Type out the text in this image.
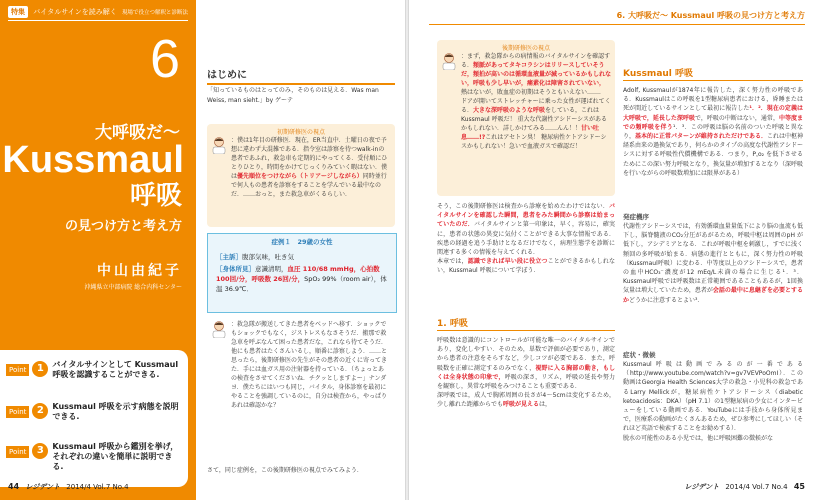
特集 バイタルサインを読み解く 現場で役立つ解釈と診断法
6
大呼吸だ〜
Kussmaul
呼吸
の見つけ方と考え方
中山由紀子
沖縄県立中部病院 総合内科センター
Point	1	バイタルサインとして Kussmaul 呼吸を認識することができる.
Point	2	Kussmaul 呼吸を示す病態を説明できる.
Point	3	Kussmaul 呼吸から鑑別を挙げ，それぞれの違いを簡単に説明できる.
はじめに
「知っているものはとってのみ，そのものは見える．Was man Weiss, man sieht.」by ゲーテ
初期研修医の視点
：僕は1年目の研修医．現在，ER当直中．土曜日の夜で予想に違わず大混雑である．指令室は診察を待つwalk-inの患者であふれ，救急車も定期的にやってくる．受付順にひとりひとり，時間をかけてじっくりみていく暇はない．僕は優先順位をつけながら（トリアージしながら）同時並行で何人もの患者を診察をすることを学んでいる最中なのだ．……おっと，また救急車がくるらしい．
症例１　29歳の女性
［主訴］腹部気味，吐き気
［身体所見］意識清明，血圧 110/68 mmHg，心拍数 100回/分，呼吸数 26回/分，SpO₂ 99%（room air），体温 36.9℃．
：救急隊が搬送してきた患者をベッドへ移す．ショックでもショックでもなく，ジストレスもなさそうだ．搬那で救急車を呼ぶなんて困った患者だな，これなら待てそうだ．他にも患者はたくさんいるし，順番に診察しよう．……と思ったら，後期研修医の先生がその患者の近くに寄ってきた．手には血ガス用の注射器を持っている．（ちょっとあの検査をさせてくださいね．チクッとしますよー」ナンダヨ．僕たちにはいつも同じ，バイタル，身体診察を最初にやることを強調しているのに，自分は検査から，やっぱりあれは確認かな？
さて，同じ症例を，この後期研修医の視点でみてみよう．
44 レジデント 2014/4 Vol.7 No.4
6. 大呼吸だ〜 Kussmaul 呼吸の見つけ方と考え方
後期研修医の視点
：まず，救急隊からの病情報のバイタルサインを確認する．頻脈があってタキコラシンはリリースしていそうだ，頻拍が高いのは循環血液量が減っているかもしれない，呼吸も少し早いが，痛素化は障害されていない，熱はないが，敗血症の初期はそうともいえない……．ドアが開いてストレッチャーに乗った女性が運ばれてくる．大きな深呼吸のような呼吸をしている，これはKussmaul 呼吸だ！ 重大な代謝性アシドーシスがあるかもしれない．詳しかけてみる……んん！！甘い吐息……!?これはアセトン臭！ 糖尿病性ケトアシドーシスかもしれない！急いで血液ガスで確認だ！
そう，この後期研修医は検査から診療を始めたわけではない．バイタルサインを確認した瞬間，患者をみた瞬間から診察は始まっていたのだ．バイタルサインと第一印象は，早く，容易に，確実に，患者の状態の異変に気付くことができる大事な情報である．疾患の経過を追う手助けとなるだけでなく，病理生態学を診断に関連する多くの情報を与えてくれる．
本章では，認識できれば早い段に役立つことができるかもしれない，Kussmaul 呼吸について学ぼう．
1. 呼吸
呼吸数は意識的にコントロールが可能な唯一のバイタルサインであり，変化しやすい．そのため，単数で評価が必要であり，測定から患者の注意をそらすなど，少しコツが必要である．また，呼吸数を正確に測定するのみでなく，視野に入る胸部の動き，もしくは全身状態の印象で，呼吸の深さ，リズム，呼吸の延長や努力を観察し，異常な呼吸をみつけることも重要である．
深呼吸では，成人で胸郭周囲の長さが4〜5cmは変化するため，少し離れた距離からでも呼吸が見えるは，
Kussmaul 呼吸
Adolf, Kussmaulが1874年に報告した，深く努力性の呼吸である．Kussmaulはこの呼吸を1型糖尿病患者における，昏睡または死が間近しているサインとして最初に報告した¹．²．現在の定義は大呼吸で，延長した深呼吸で，呼吸の中断はない，通常，中等度までの頻呼吸を伴う¹．³．この呼吸は脳の名前のついた呼吸と異なり，基本的に正常パターンが維持されただけである．これは中枢神経系由来の過換気であり，何らかのタイプの高度な代謝性アシドーシスに対する呼吸性代償機構である．つまり，P꜀o₂ を低下させるためにこの深い努力呼吸となり，換気量が増加するとなり（深呼吸を行いながらの呼吸数増加には限界がある）
発症機序
代謝性アシドーシスでは，有効循環血量量低下により脳の血流も低下し，脳脊髄液のCO₂分圧があがるため，呼吸中枢は周囲のpH が低下し，アシデミアとなる．これが呼吸中枢を刺激し，すでに浅く頻回の多呼吸が始まる．病態の進行とともに，深く努力性の呼吸（Kussmaul呼吸）に変わる．中等度以上のアシドーシスで，患者の血中HCO₃⁻濃度が12 mEq/L未満の場合に生じる¹．³．Kussmaul呼吸では呼吸数は正常範囲であることもあるが，1回換気量は増大していたため，患者が会話の最中に息継ぎを必要とするかどうかに注意するとよい³．
症状・微候
Kussmaul呼吸は動画でみるのが一番である（http://www.youtube.com/watch?v=gv7VEVPoOmI）．この動画はGeorgia Health Sciences大学の救急・小児科の救急であるLarry Mellickが，糖尿病性ケトアシドーシス（diabetic ketoacidosis：DKA）（p𝐇 7.1）の1型糖尿病の少女にインタービューをしている動画である．YouTubeには手技から身体所見まで，医療系の動画がたくさんあるため，ぜひ参考にしてほしい（それほど英語で検索することをお勧めする）．
脱水の可能性のある小児では，他に呼吸困難の徴候がな
レジデント 2014/4 Vol.7 No.4 45
